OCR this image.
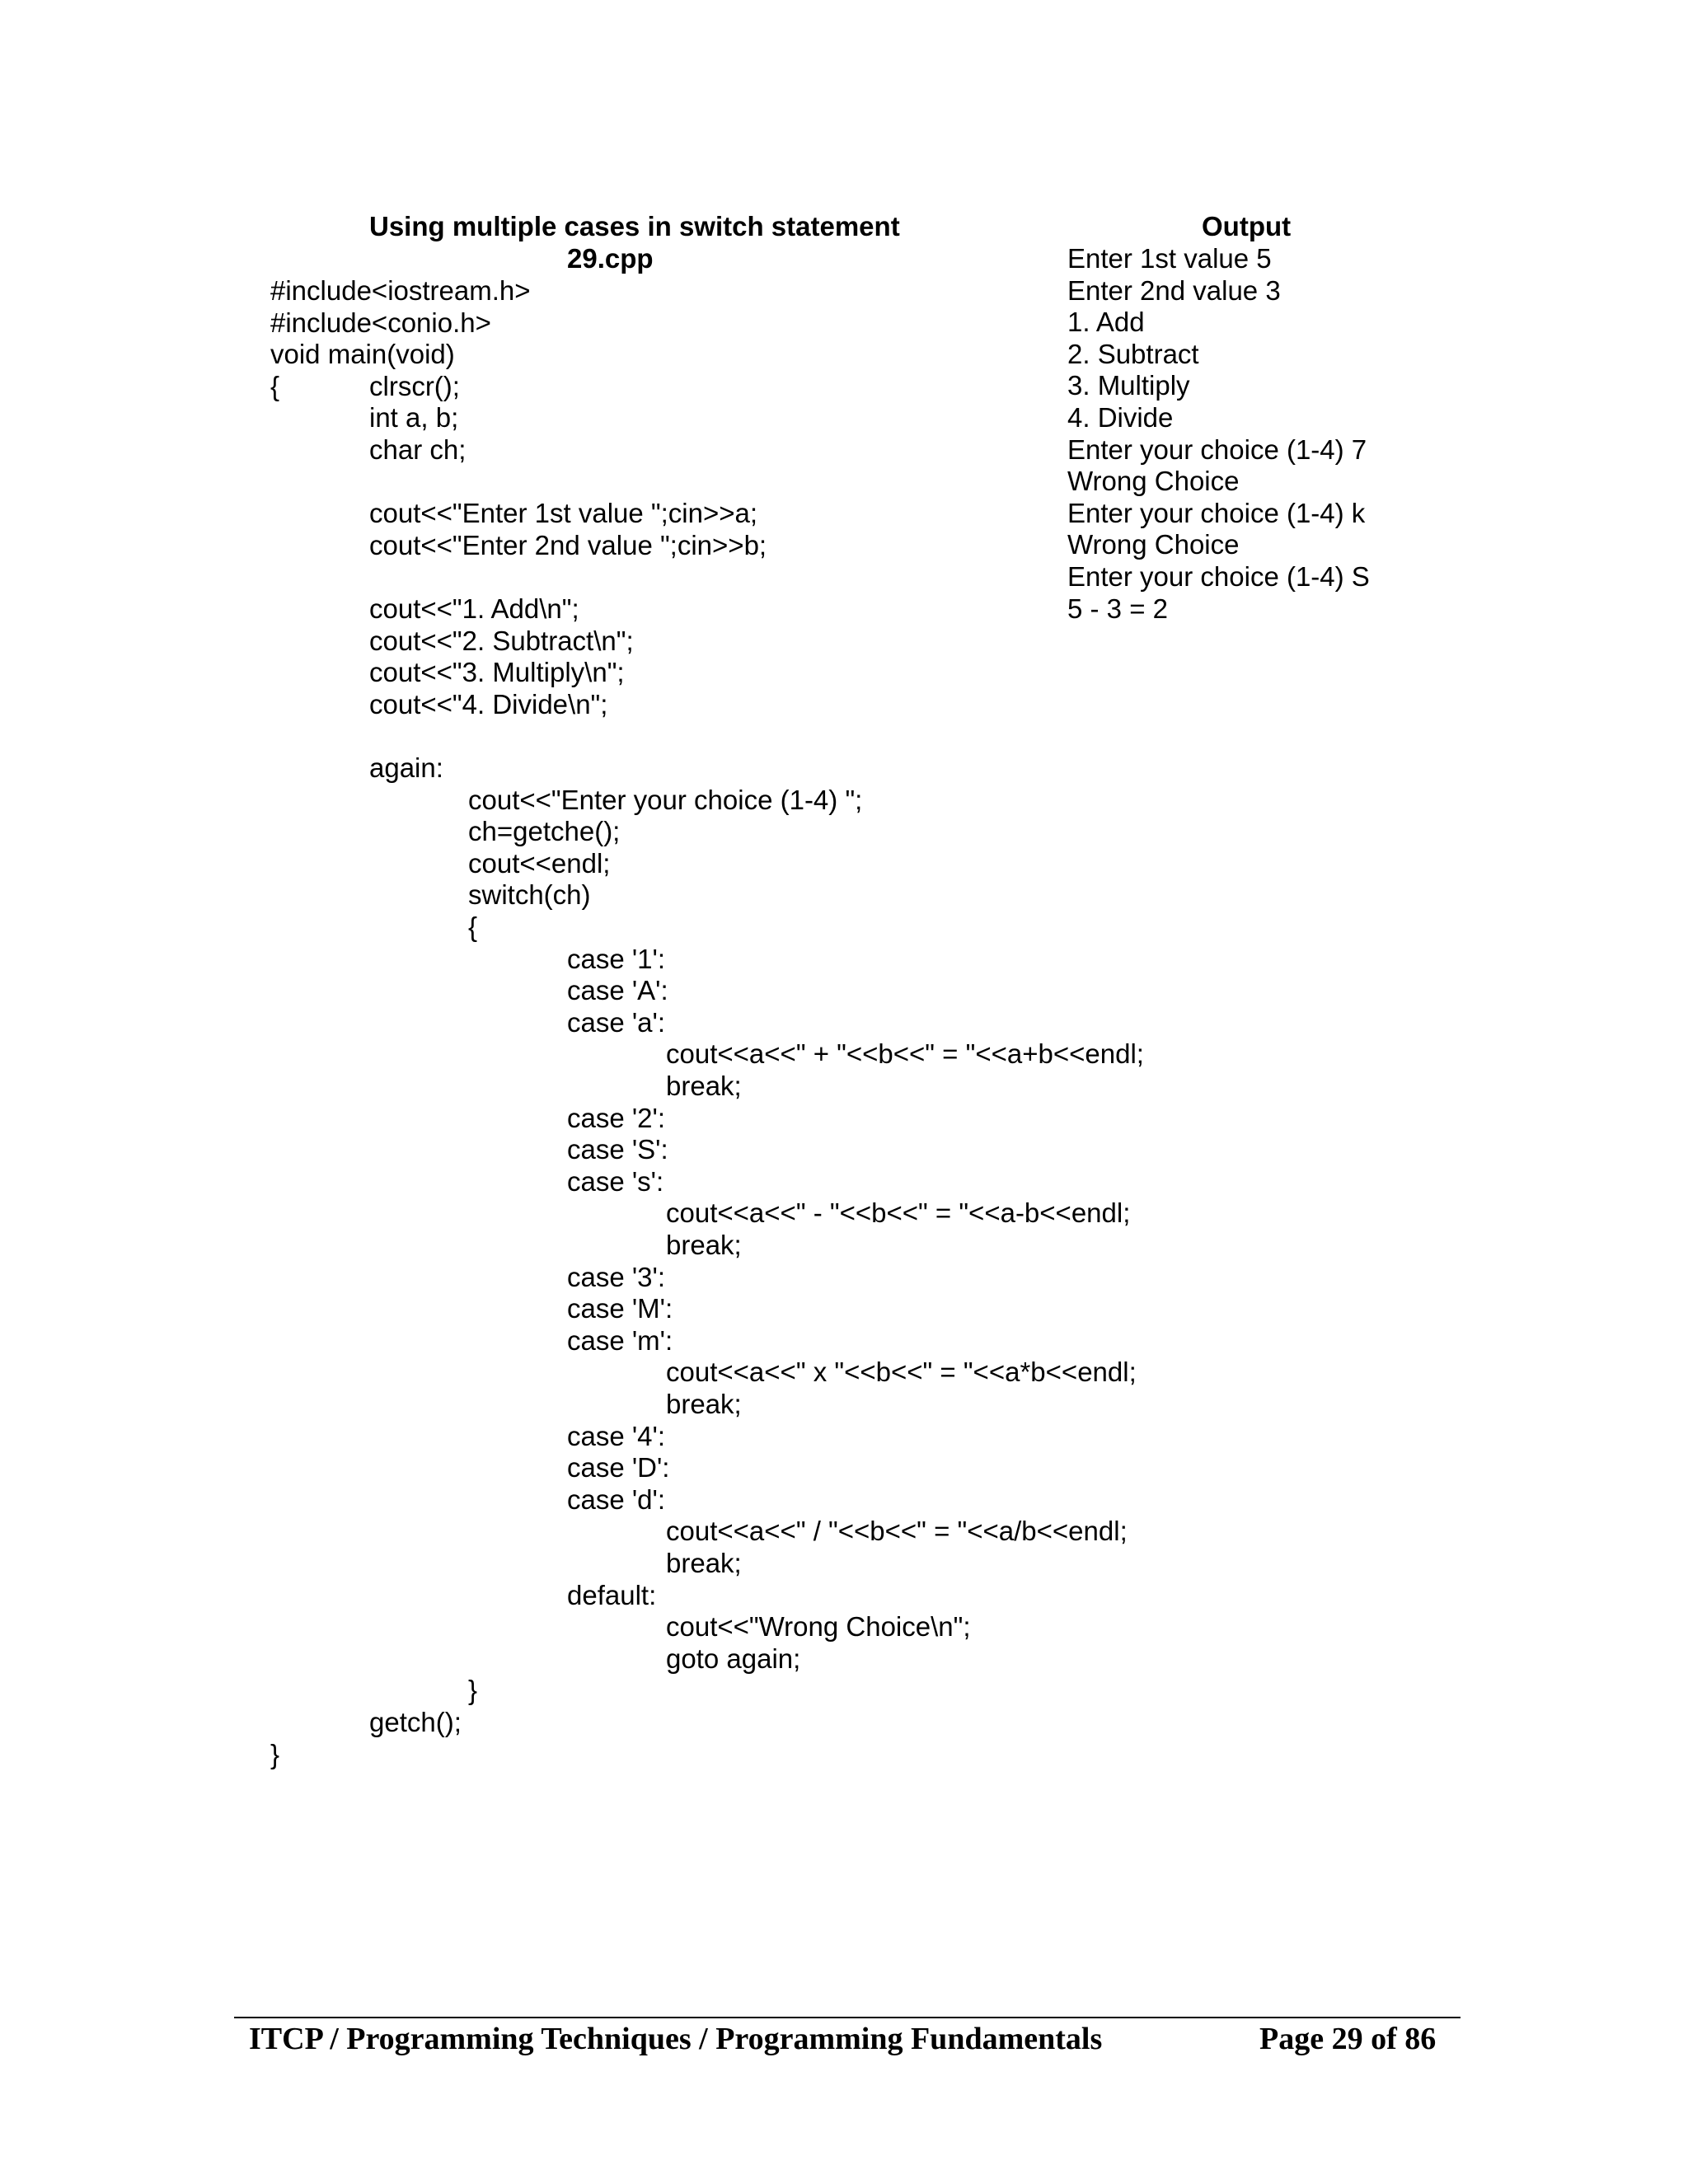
Using multiple cases in switch statement
29.cpp
#include<iostream.h>
#include<conio.h>
void main(void)
{	clrscr();
int a, b;
char ch;
cout<<"Enter 1st value ";cin>>a;
cout<<"Enter 2nd value ";cin>>b;
cout<<"1. Add\n";
cout<<"2. Subtract\n";
cout<<"3. Multiply\n";
cout<<"4. Divide\n";
again:
cout<<"Enter your choice (1-4) ";
ch=getche();
cout<<endl;
switch(ch)
{
case '1':
case 'A':
case 'a':
cout<<a<<" + "<<b<<" = "<<a+b<<endl;
break;
case '2':
case 'S':
case 's':
cout<<a<<" - "<<b<<" = "<<a-b<<endl;
break;
case '3':
case 'M':
case 'm':
cout<<a<<" x "<<b<<" = "<<a*b<<endl;
break;
case '4':
case 'D':
case 'd':
cout<<a<<" / "<<b<<" = "<<a/b<<endl;
break;
default:
cout<<"Wrong Choice\n";
goto again;
}
getch();
}
Output
Enter 1st value 5
Enter 2nd value 3
1. Add
2. Subtract
3. Multiply
4. Divide
Enter your choice (1-4) 7
Wrong Choice
Enter your choice (1-4) k
Wrong Choice
Enter your choice (1-4) S
5 - 3 = 2
ITCP / Programming Techniques / Programming Fundamentals	Page 29 of 86
